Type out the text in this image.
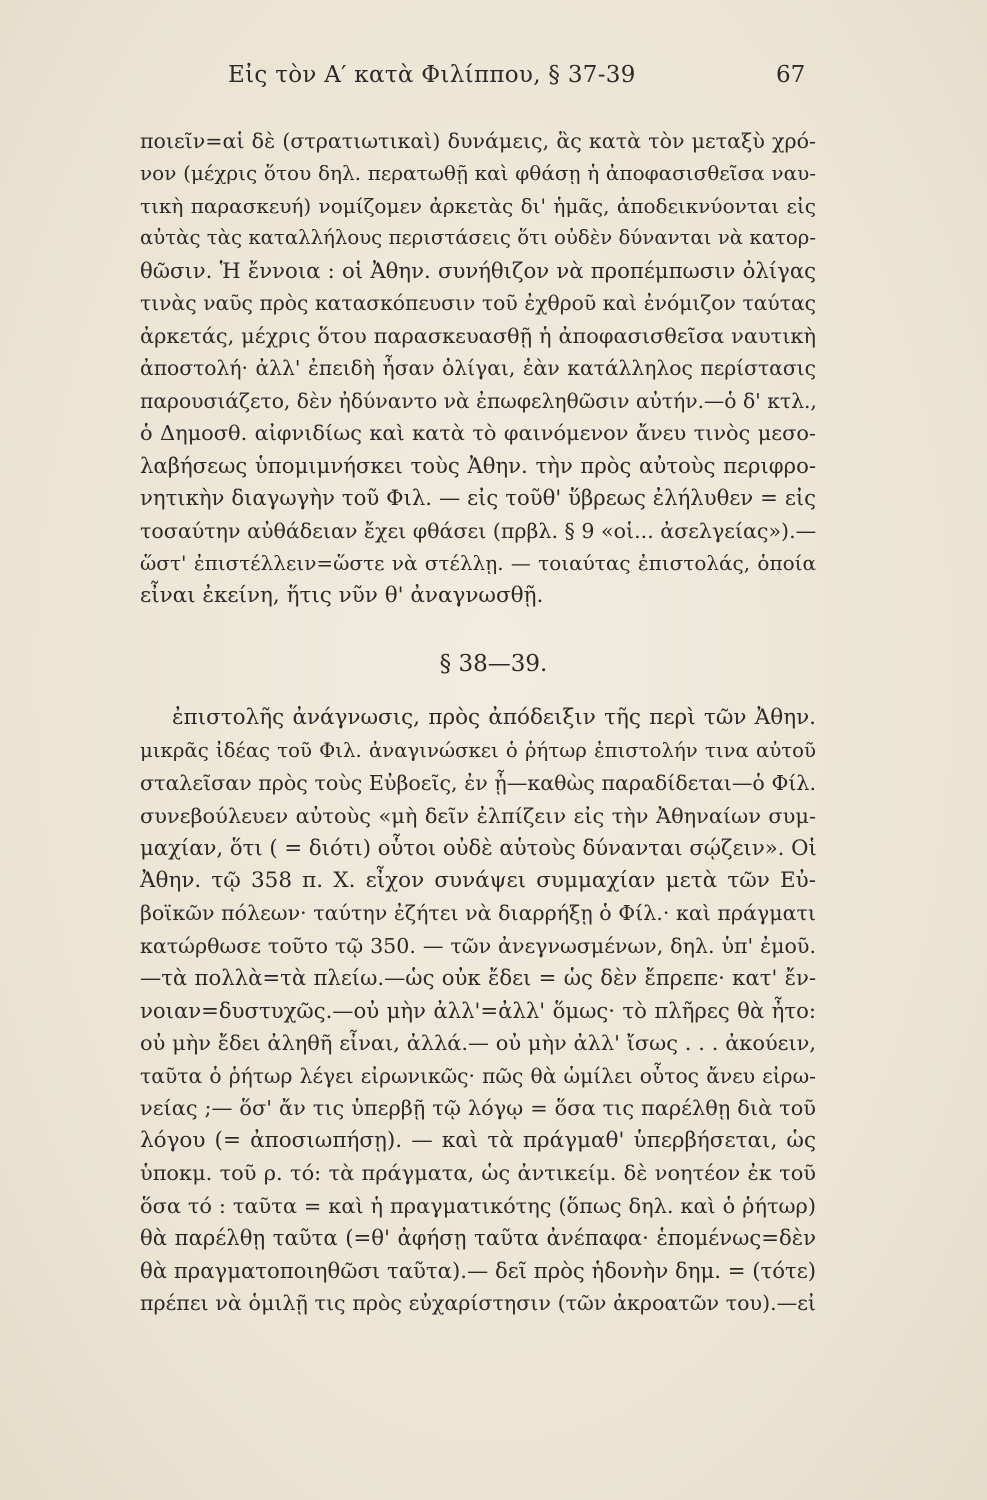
Εἰς τὸν Α′ κατὰ Φιλίππου, § 37-39	67
ποιεῖν=αἱ δὲ (στρατιωτικαὶ) δυνάμεις, ἃς κατὰ τὸν μεταξὺ χρό-
νον (μέχρις ὅτου δηλ. περατωθῇ καὶ φθάσῃ ἡ ἀποφασισθεῖσα ναυ-
τικὴ παρασκευή) νομίζομεν ἀρκετὰς δι' ἡμᾶς, ἀποδεικνύονται εἰς
αὐτὰς τὰς καταλλήλους περιστάσεις ὅτι οὐδὲν δύνανται νὰ κατορ-
θῶσιν. Ἡ ἔννοια : οἱ Ἀθην. συνήθιζον νὰ προπέμπωσιν ὀλίγας
τινὰς ναῦς πρὸς κατασκόπευσιν τοῦ ἐχθροῦ καὶ ἐνόμιζον ταύτας
ἀρκετάς, μέχρις ὅτου παρασκευασθῇ ἡ ἀποφασισθεῖσα ναυτικὴ
ἀποστολή· ἀλλ' ἐπειδὴ ἦσαν ὀλίγαι, ἐὰν κατάλληλος περίστασις
παρουσιάζετο, δὲν ἠδύναντο νὰ ἐπωφεληθῶσιν αὐτήν.—ὁ δ' κτλ.,
ὁ Δημοσθ. αἰφνιδίως καὶ κατὰ τὸ φαινόμενον ἄνευ τινὸς μεσο-
λαβήσεως ὑπομιμνήσκει τοὺς Ἀθην. τὴν πρὸς αὐτοὺς περιφρο-
νητικὴν διαγωγὴν τοῦ Φιλ. — εἰς τοῦθ' ὕβρεως ἐλήλυθεν = εἰς
τοσαύτην αὐθάδειαν ἔχει φθάσει (πρβλ. § 9 «οἱ... ἀσελγείας»).—
ὥστ' ἐπιστέλλειν=ὥστε νὰ στέλλῃ. — τοιαύτας ἐπιστολάς, ὁποία
εἶναι ἐκείνη, ἥτις νῦν θ' ἀναγνωσθῇ.
§ 38—39.
ἐπιστολῆς ἀνάγνωσις, πρὸς ἀπόδειξιν τῆς περὶ τῶν Ἀθην.
μικρᾶς ἰδέας τοῦ Φιλ. ἀναγινώσκει ὁ ῥήτωρ ἐπιστολήν τινα αὐτοῦ
σταλεῖσαν πρὸς τοὺς Εὐβοεῖς, ἐν ᾗ—καθὼς παραδίδεται—ὁ Φίλ.
συνεβούλευεν αὐτοὺς «μὴ δεῖν ἐλπίζειν εἰς τὴν Ἀθηναίων συμ-
μαχίαν, ὅτι ( = διότι) οὗτοι οὐδὲ αὑτοὺς δύνανται σῴζειν». Οἱ
Ἀθην. τῷ 358 π. Χ. εἶχον συνάψει συμμαχίαν μετὰ τῶν Εὐ-
βοϊκῶν πόλεων· ταύτην ἐζήτει νὰ διαρρήξῃ ὁ Φίλ.· καὶ πράγματι
κατώρθωσε τοῦτο τῷ 350. — τῶν ἀνεγνωσμένων, δηλ. ὑπ' ἐμοῦ.
—τὰ πολλὰ=τὰ πλείω.—ὡς οὐκ ἔδει = ὡς δὲν ἔπρεπε· κατ' ἔν-
νοιαν=δυστυχῶς.—οὐ μὴν ἀλλ'=ἀλλ' ὅμως· τὸ πλῆρες θὰ ἦτο:
οὐ μὴν ἔδει ἀληθῆ εἶναι, ἀλλά.— οὐ μὴν ἀλλ' ἴσως . . . ἀκούειν,
ταῦτα ὁ ῥήτωρ λέγει εἰρωνικῶς· πῶς θὰ ὡμίλει οὗτος ἄνευ εἰρω-
νείας ;— ὅσ' ἄν τις ὑπερβῇ τῷ λόγῳ = ὅσα τις παρέλθῃ διὰ τοῦ
λόγου (= ἀποσιωπήσῃ). — καὶ τὰ πράγμαθ' ὑπερβήσεται, ὡς
ὑποκμ. τοῦ ρ. τό: τὰ πράγματα, ὡς ἀντικείμ. δὲ νοητέον ἐκ τοῦ
ὅσα τό : ταῦτα = καὶ ἡ πραγματικότης (ὅπως δηλ. καὶ ὁ ῥήτωρ)
θὰ παρέλθῃ ταῦτα (=θ' ἀφήσῃ ταῦτα ἀνέπαφα· ἑπομένως=δὲν
θὰ πραγματοποιηθῶσι ταῦτα).— δεῖ πρὸς ἡδονὴν δημ. = (τότε)
πρέπει νὰ ὁμιλῇ τις πρὸς εὐχαρίστησιν (τῶν ἀκροατῶν του).—εἰ
